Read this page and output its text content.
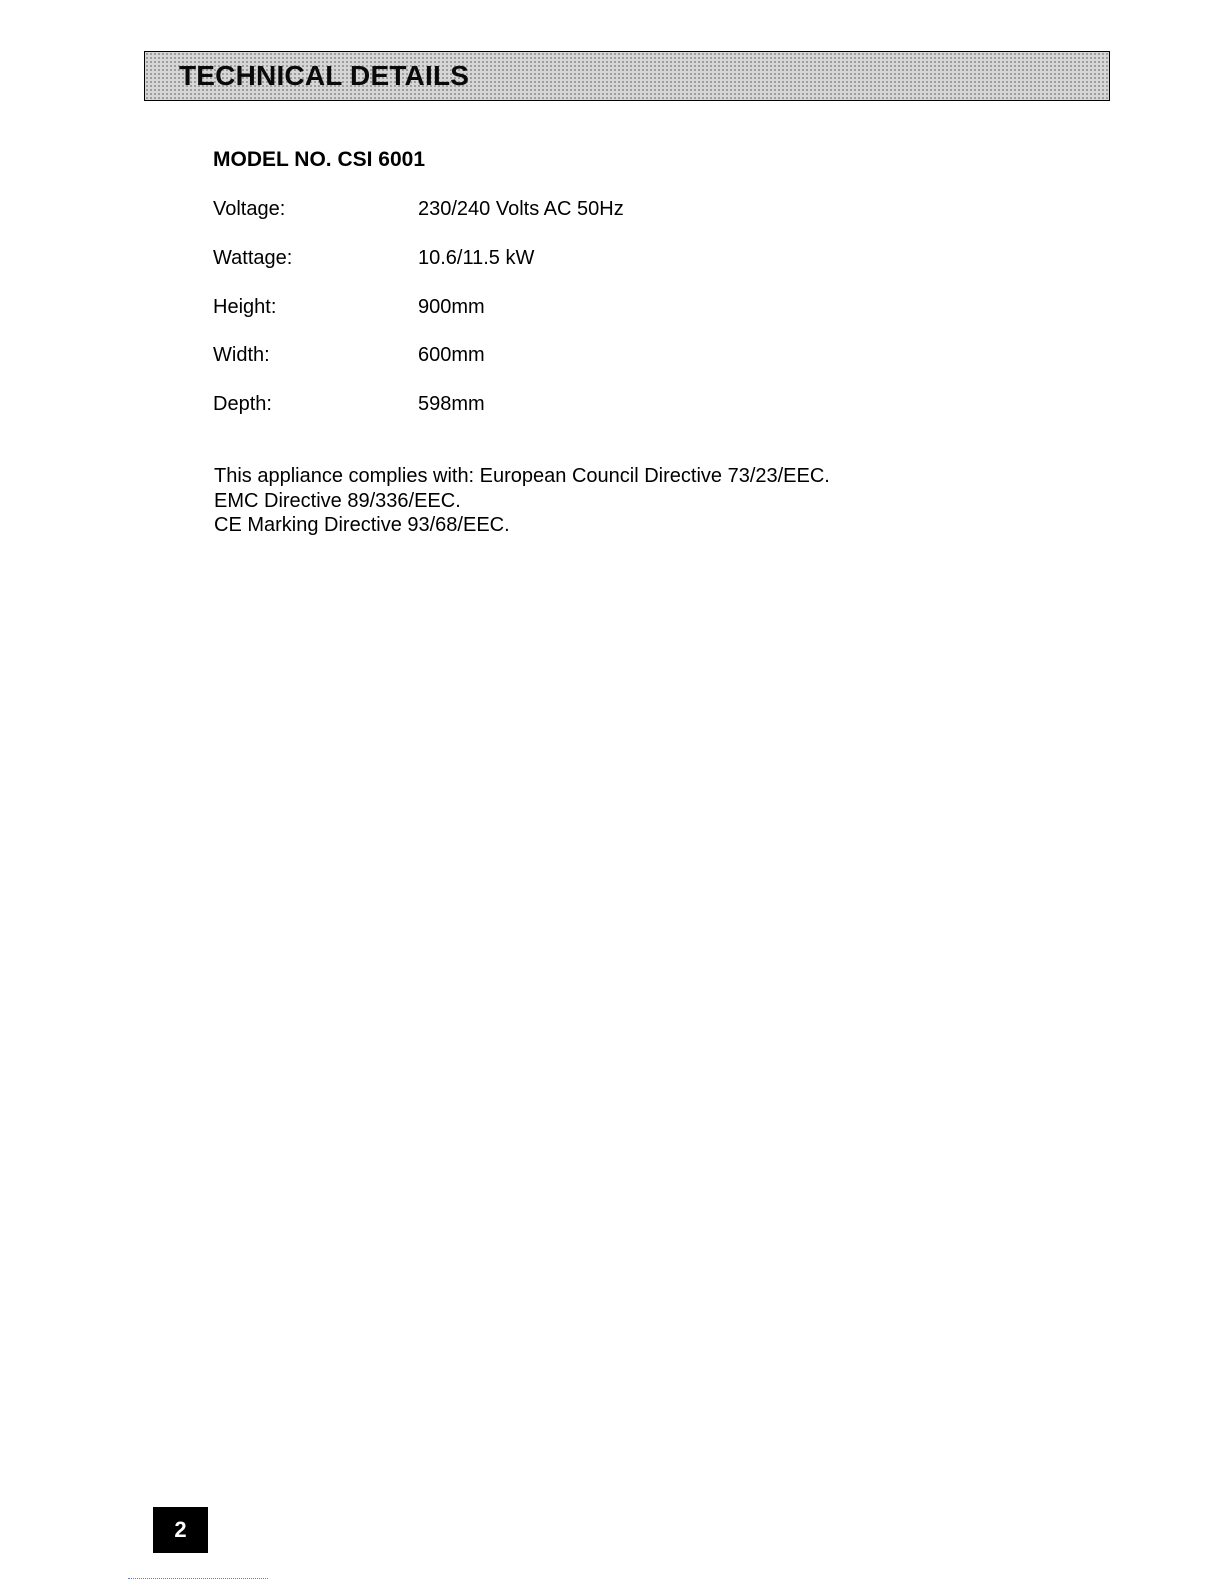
TECHNICAL DETAILS
MODEL NO. CSI 6001
Voltage:	230/240 Volts AC 50Hz
Wattage:	10.6/11.5 kW
Height:	900mm
Width:	600mm
Depth:	598mm
This appliance complies with: European Council Directive 73/23/EEC.
EMC Directive 89/336/EEC.
CE Marking Directive 93/68/EEC.
2
